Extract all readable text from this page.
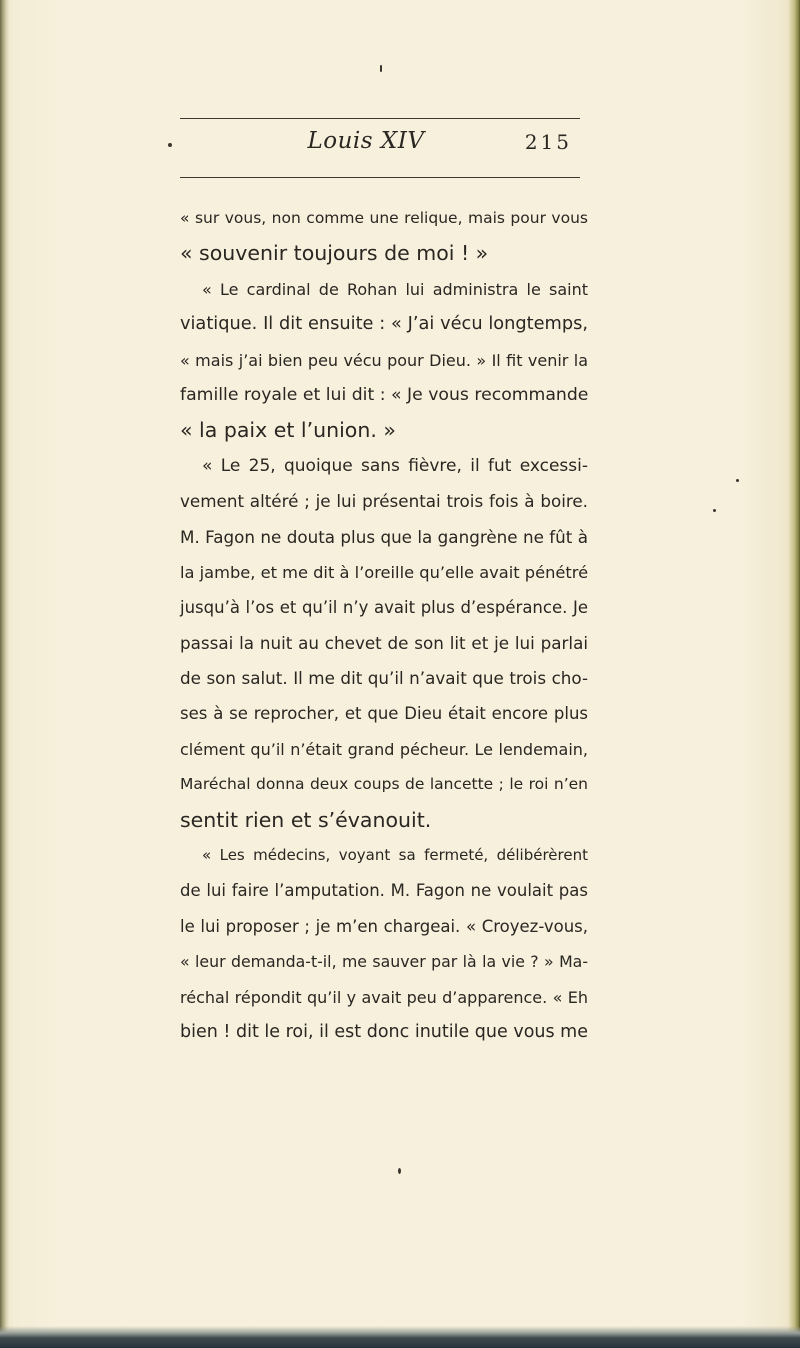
Louis XIV	215
« sur vous, non comme une relique, mais pour vous
« souvenir toujours de moi ! »
« Le cardinal de Rohan lui administra le saint
viatique. Il dit ensuite : « J’ai vécu longtemps,
« mais j’ai bien peu vécu pour Dieu. » Il fit venir la
famille royale et lui dit : « Je vous recommande
« la paix et l’union. »
« Le 25, quoique sans fièvre, il fut excessi-
vement altéré ; je lui présentai trois fois à boire.
M. Fagon ne douta plus que la gangrène ne fût à
la jambe, et me dit à l’oreille qu’elle avait pénétré
jusqu’à l’os et qu’il n’y avait plus d’espérance. Je
passai la nuit au chevet de son lit et je lui parlai
de son salut. Il me dit qu’il n’avait que trois cho-
ses à se reprocher, et que Dieu était encore plus
clément qu’il n’était grand pécheur. Le lendemain,
Maréchal donna deux coups de lancette ; le roi n’en
sentit rien et s’évanouit.
« Les médecins, voyant sa fermeté, délibérèrent
de lui faire l’amputation. M. Fagon ne voulait pas
le lui proposer ; je m’en chargeai. « Croyez-vous,
« leur demanda-t-il, me sauver par là la vie ? » Ma-
réchal répondit qu’il y avait peu d’apparence. « Eh
bien ! dit le roi, il est donc inutile que vous me
